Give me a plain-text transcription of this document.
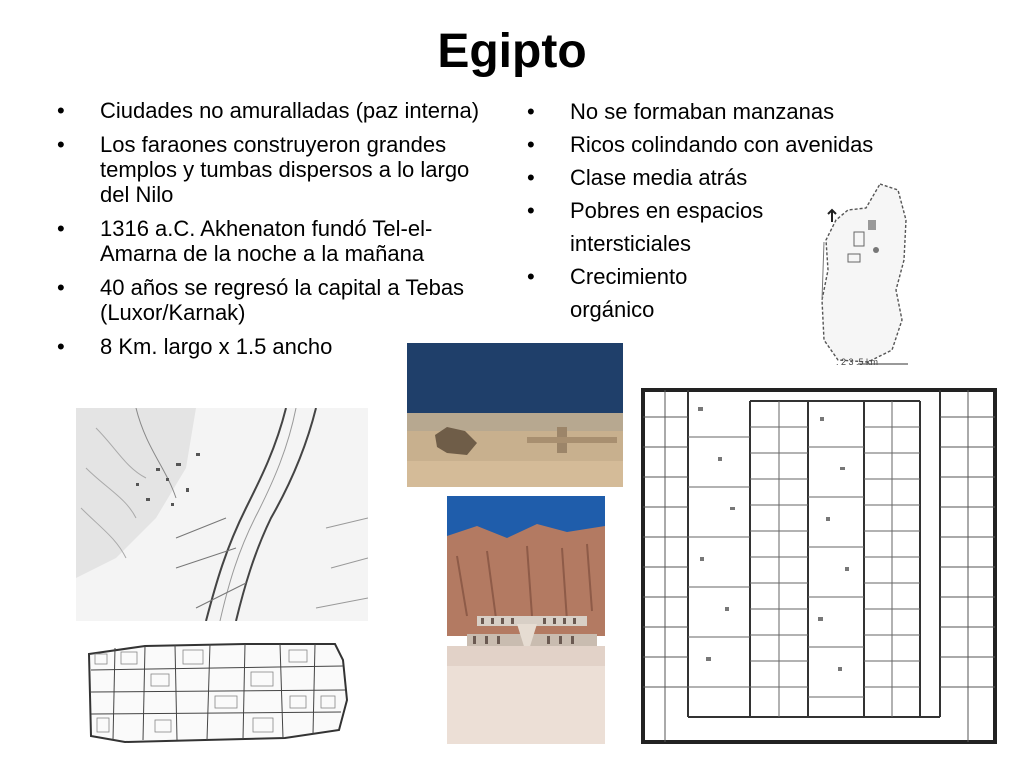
Egipto
•	Ciudades no amuralladas (paz interna)
•	Los faraones construyeron grandes templos y tumbas dispersos a lo largo del Nilo
•	1316 a.C. Akhenaton fundó Tel-el-Amarna de la noche a la mañana
•	40 años se regresó la capital a Tebas (Luxor/Karnak)
•	8 Km. largo x 1.5 ancho
•	No se formaban manzanas
•	Ricos colindando con avenidas
•	Clase media atrás
•	Pobres en espacios
intersticiales
•	Crecimiento
orgánico
. 2 3 .5 km
